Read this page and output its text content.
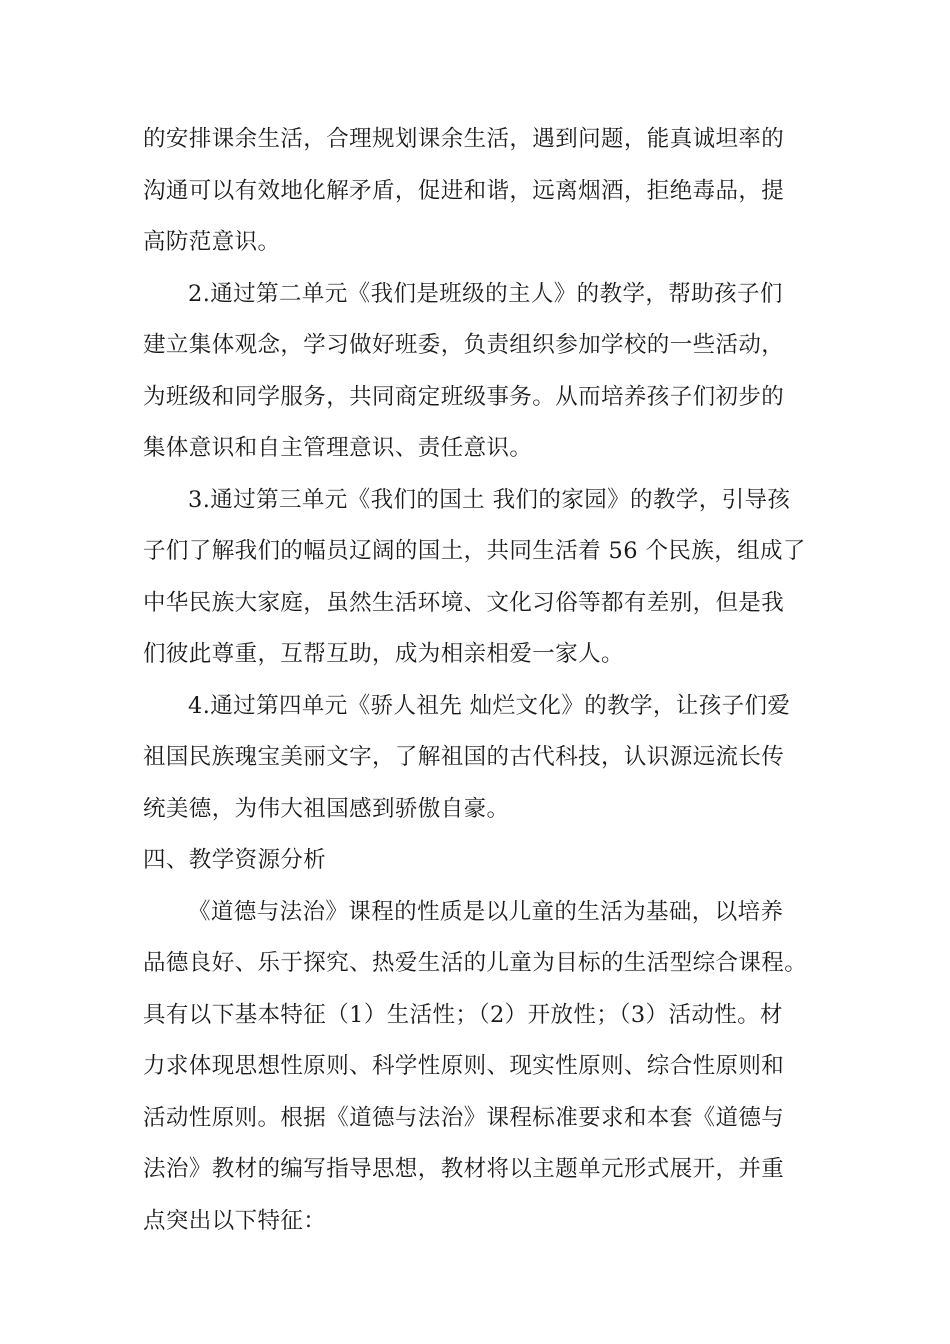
的安排课余生活，合理规划课余生活，遇到问题，能真诚坦率的
沟通可以有效地化解矛盾，促进和谐，远离烟酒，拒绝毒品，提
高防范意识。
2.通过第二单元《我们是班级的主人》的教学，帮助孩子们
建立集体观念，学习做好班委，负责组织参加学校的一些活动，
为班级和同学服务，共同商定班级事务。从而培养孩子们初步的
集体意识和自主管理意识、责任意识。
3.通过第三单元《我们的国土 我们的家园》的教学，引导孩
子们了解我们的幅员辽阔的国土，共同生活着 56 个民族，组成了
中华民族大家庭，虽然生活环境、文化习俗等都有差别，但是我
们彼此尊重，互帮互助，成为相亲相爱一家人。
4.通过第四单元《骄人祖先 灿烂文化》的教学，让孩子们爱
祖国民族瑰宝美丽文字，了解祖国的古代科技，认识源远流长传
统美德，为伟大祖国感到骄傲自豪。
四、教学资源分析
《道德与法治》课程的性质是以儿童的生活为基础，以培养
品德良好、乐于探究、热爱生活的儿童为目标的生活型综合课程。
具有以下基本特征（1）生活性；（2）开放性；（3）活动性。材
力求体现思想性原则、科学性原则、现实性原则、综合性原则和
活动性原则。根据《道德与法治》课程标准要求和本套《道德与
法治》教材的编写指导思想，教材将以主题单元形式展开，并重
点突出以下特征：
